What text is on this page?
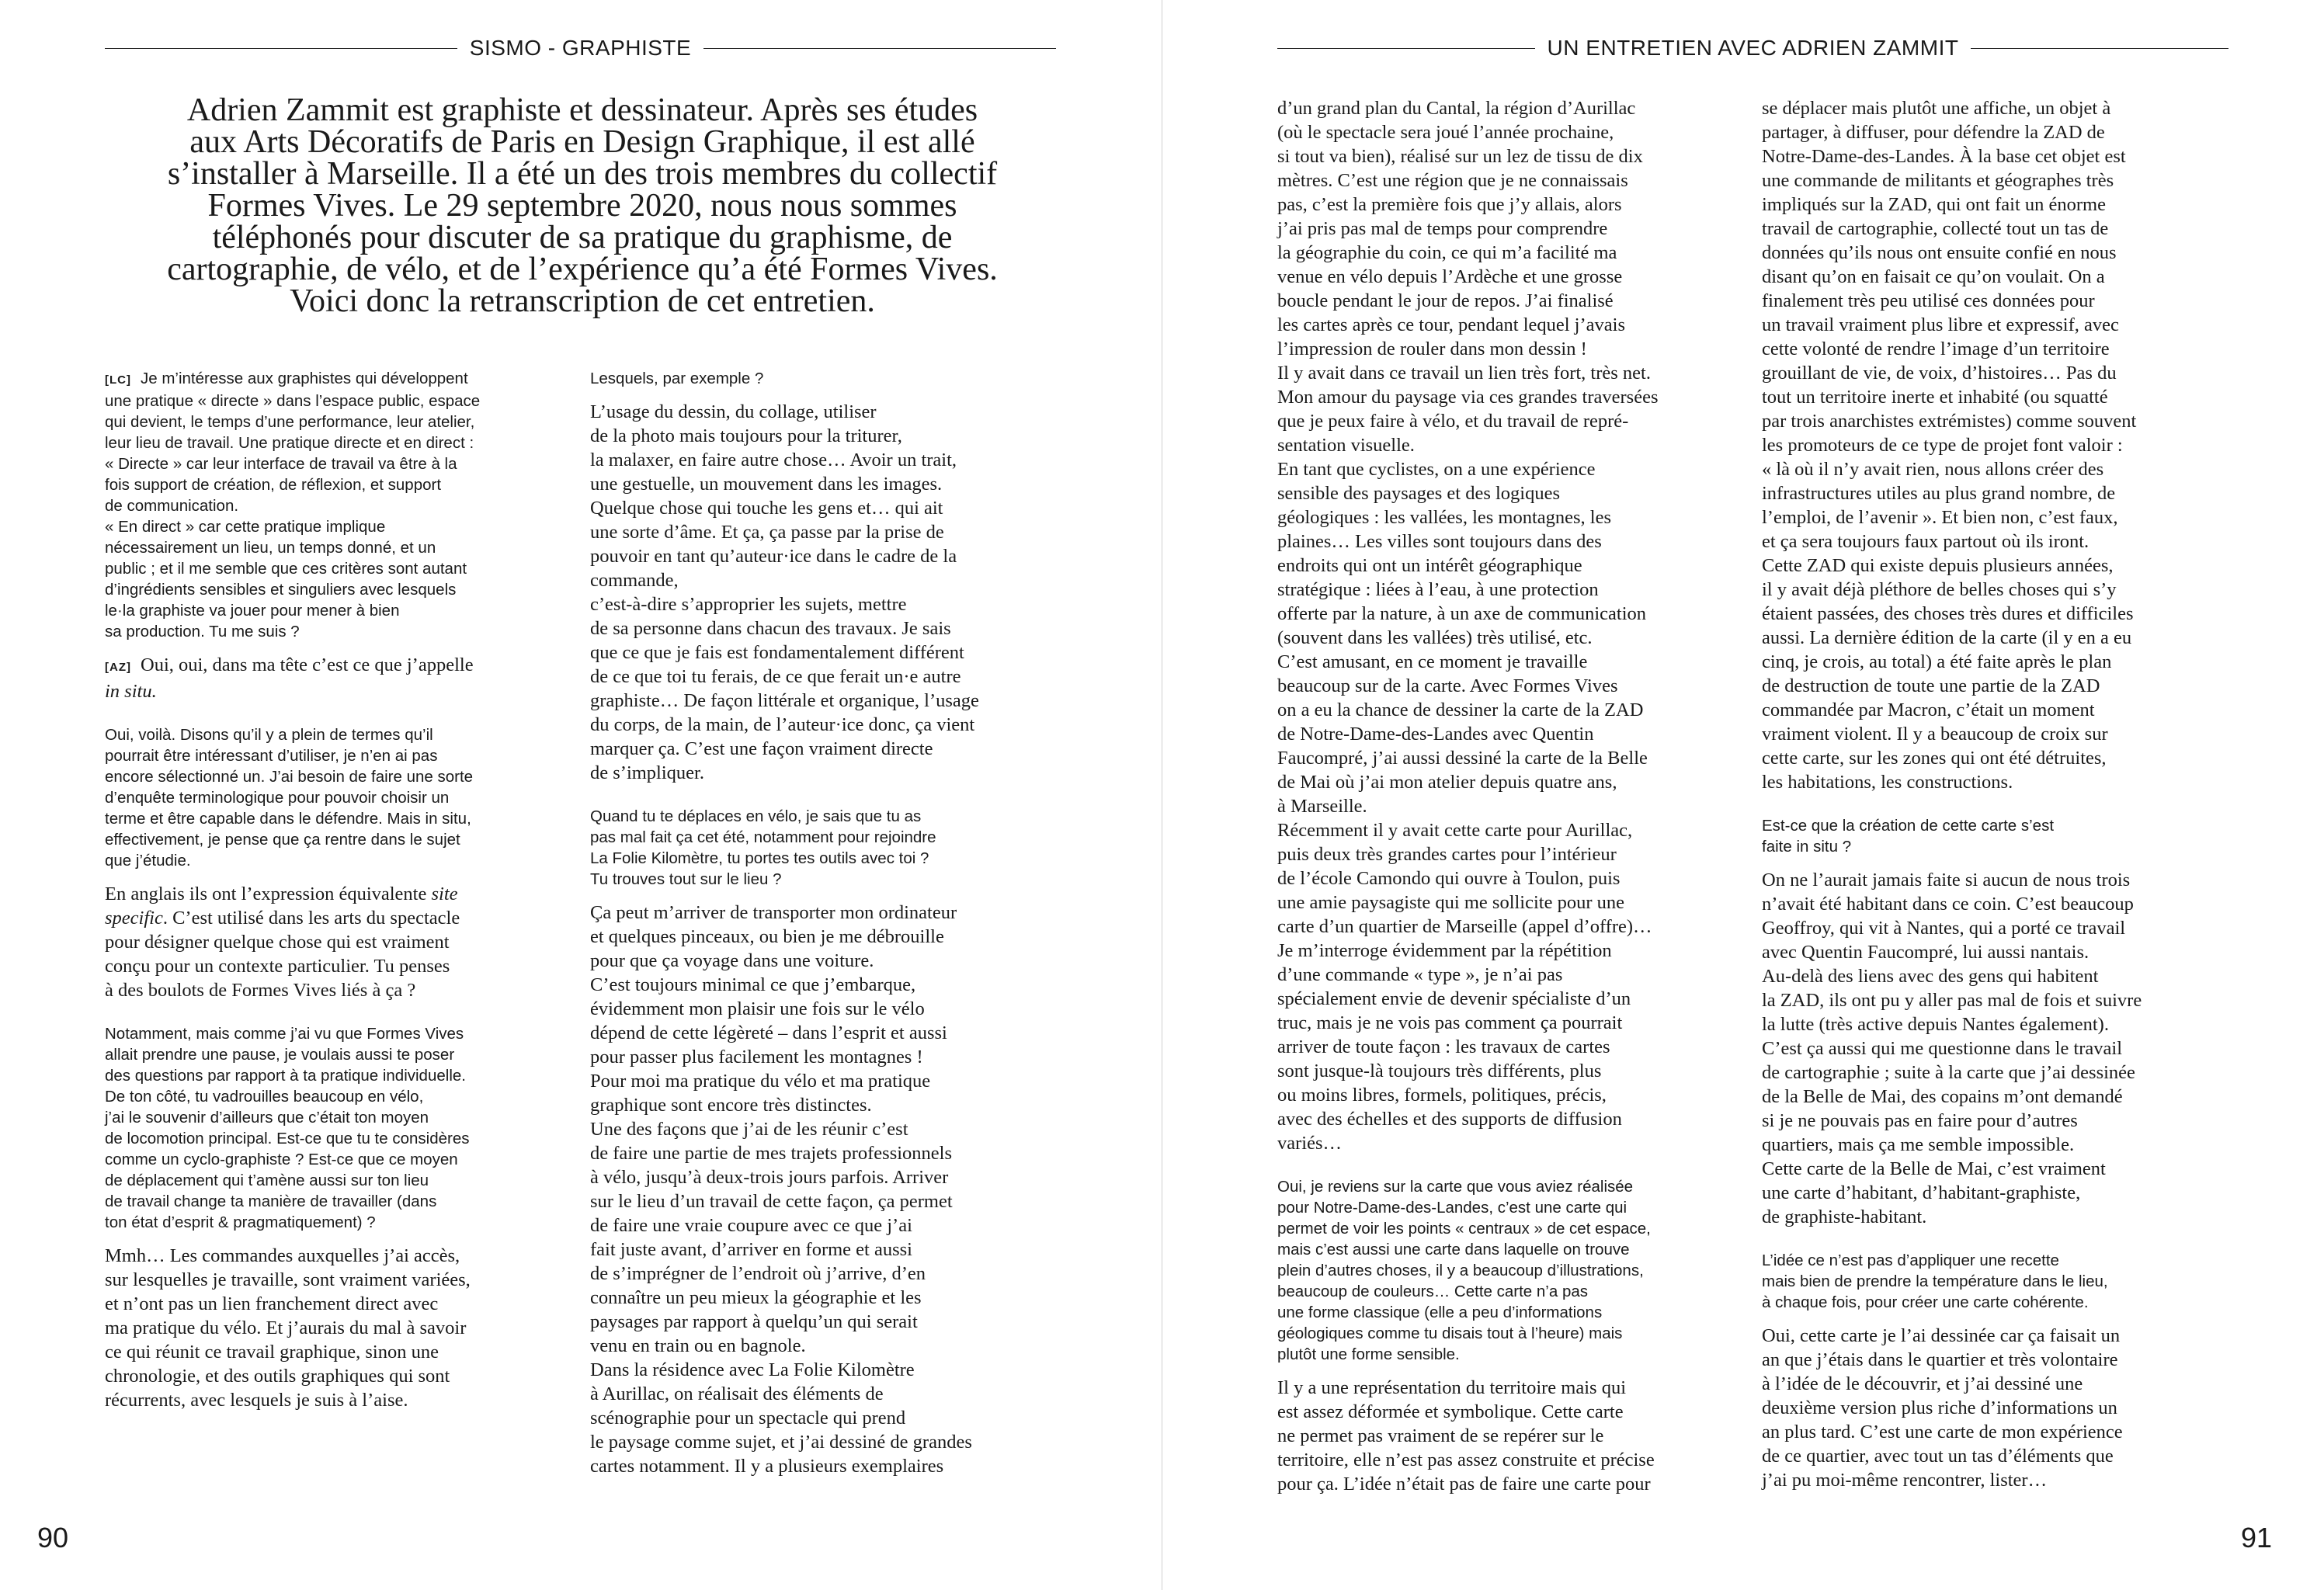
SISMO - GRAPHISTE
Adrien Zammit est graphiste et dessinateur. Après ses études
aux Arts Décoratifs de Paris en Design Graphique, il est allé
s’installer à Marseille. Il a été un des trois membres du collectif
Formes Vives. Le 29 septembre 2020, nous nous sommes
téléphonés pour discuter de sa pratique du graphisme, de
cartographie, de vélo, et de l’expérience qu’a été Formes Vives.
Voici donc la retranscription de cet entretien.

[LC] Je m’intéresse aux graphistes qui développent

une pratique « directe » dans l’espace public, espace

qui devient, le temps d’une performance, leur atelier,

leur lieu de travail. Une pratique directe et en direct :

« Directe » car leur interface de travail va être à la

fois support de création, de réflexion, et support

de communication.

« En direct » car cette pratique implique

nécessairement un lieu, un temps donné, et un

public ; et il me semble que ces critères sont autant

d’ingrédients sensibles et singuliers avec lesquels

le·la graphiste va jouer pour mener à bien

sa production. Tu me suis ?

[AZ] Oui, oui, dans ma tête c’est ce que j’appelle

in situ.

Oui, voilà. Disons qu’il y a plein de termes qu’il

pourrait être intéressant d’utiliser, je n’en ai pas

encore sélectionné un. J’ai besoin de faire une sorte

d’enquête terminologique pour pouvoir choisir un

terme et être capable dans le défendre. Mais in situ,

effectivement, je pense que ça rentre dans le sujet

que j’étudie.

En anglais ils ont l’expression équivalente site

specific. C’est utilisé dans les arts du spectacle

pour désigner quelque chose qui est vraiment

conçu pour un contexte particulier. Tu penses

à des boulots de Formes Vives liés à ça ?

Notamment, mais comme j’ai vu que Formes Vives

allait prendre une pause, je voulais aussi te poser

des questions par rapport à ta pratique individuelle.

De ton côté, tu vadrouilles beaucoup en vélo,

j’ai le souvenir d’ailleurs que c’était ton moyen

de locomotion principal. Est-ce que tu te considères

comme un cyclo-graphiste ? Est-ce que ce moyen

de déplacement qui t’amène aussi sur ton lieu

de travail change ta manière de travailler (dans

ton état d’esprit & pragmatiquement) ?

Mmh… Les commandes auxquelles j’ai accès,

sur lesquelles je travaille, sont vraiment variées,

et n’ont pas un lien franchement direct avec

ma pratique du vélo. Et j’aurais du mal à savoir

ce qui réunit ce travail graphique, sinon une

chronologie, et des outils graphiques qui sont

récurrents, avec lesquels je suis à l’aise.

Lesquels, par exemple ?

L’usage du dessin, du collage, utiliser

de la photo mais toujours pour la triturer,

la malaxer, en faire autre chose… Avoir un trait,

une gestuelle, un mouvement dans les images.

Quelque chose qui touche les gens et… qui ait

une sorte d’âme. Et ça, ça passe par la prise de

pouvoir en tant qu’auteur·ice dans le cadre de la

commande,

c’est-à-dire s’approprier les sujets, mettre

de sa personne dans chacun des travaux. Je sais

que ce que je fais est fondamentalement différent

de ce que toi tu ferais, de ce que ferait un·e autre

graphiste… De façon littérale et organique, l’usage

du corps, de la main, de l’auteur·ice donc, ça vient

marquer ça. C’est une façon vraiment directe

de s’impliquer.

Quand tu te déplaces en vélo, je sais que tu as

pas mal fait ça cet été, notamment pour rejoindre

La Folie Kilomètre, tu portes tes outils avec toi ?

Tu trouves tout sur le lieu ?

Ça peut m’arriver de transporter mon ordinateur

et quelques pinceaux, ou bien je me débrouille

pour que ça voyage dans une voiture.

C’est toujours minimal ce que j’embarque,

évidemment mon plaisir une fois sur le vélo

dépend de cette légèreté – dans l’esprit et aussi

pour passer plus facilement les montagnes !

Pour moi ma pratique du vélo et ma pratique

graphique sont encore très distinctes.

Une des façons que j’ai de les réunir c’est

de faire une partie de mes trajets professionnels

à vélo, jusqu’à deux-trois jours parfois. Arriver

sur le lieu d’un travail de cette façon, ça permet

de faire une vraie coupure avec ce que j’ai

fait juste avant, d’arriver en forme et aussi

de s’imprégner de l’endroit où j’arrive, d’en

connaître un peu mieux la géographie et les

paysages par rapport à quelqu’un qui serait

venu en train ou en bagnole.

Dans la résidence avec La Folie Kilomètre

à Aurillac, on réalisait des éléments de

scénographie pour un spectacle qui prend

le paysage comme sujet, et j’ai dessiné de grandes

cartes notamment. Il y a plusieurs exemplaires

90
UN ENTRETIEN AVEC ADRIEN ZAMMIT

d’un grand plan du Cantal, la région d’Aurillac

(où le spectacle sera joué l’année prochaine,

si tout va bien), réalisé sur un lez de tissu de dix

mètres. C’est une région que je ne connaissais

pas, c’est la première fois que j’y allais, alors

j’ai pris pas mal de temps pour comprendre

la géographie du coin, ce qui m’a facilité ma

venue en vélo depuis l’Ardèche et une grosse

boucle pendant le jour de repos. J’ai finalisé

les cartes après ce tour, pendant lequel j’avais

l’impression de rouler dans mon dessin !

Il y avait dans ce travail un lien très fort, très net.

Mon amour du paysage via ces grandes traversées

que je peux faire à vélo, et du travail de repré-

sentation visuelle.

En tant que cyclistes, on a une expérience

sensible des paysages et des logiques

géologiques : les vallées, les montagnes, les

plaines… Les villes sont toujours dans des

endroits qui ont un intérêt géographique

stratégique : liées à l’eau, à une protection

offerte par la nature, à un axe de communication

(souvent dans les vallées) très utilisé, etc.

C’est amusant, en ce moment je travaille

beaucoup sur de la carte. Avec Formes Vives

on a eu la chance de dessiner la carte de la ZAD

de Notre-Dame-des-Landes avec Quentin

Faucompré, j’ai aussi dessiné la carte de la Belle

de Mai où j’ai mon atelier depuis quatre ans,

à Marseille.

Récemment il y avait cette carte pour Aurillac,

puis deux très grandes cartes pour l’intérieur

de l’école Camondo qui ouvre à Toulon, puis

une amie paysagiste qui me sollicite pour une

carte d’un quartier de Marseille (appel d’offre)…

Je m’interroge évidemment par la répétition

d’une commande « type », je n’ai pas

spécialement envie de devenir spécialiste d’un

truc, mais je ne vois pas comment ça pourrait

arriver de toute façon : les travaux de cartes

sont jusque-là toujours très différents, plus

ou moins libres, formels, politiques, précis,

avec des échelles et des supports de diffusion

variés…

Oui, je reviens sur la carte que vous aviez réalisée

pour Notre-Dame-des-Landes, c’est une carte qui

permet de voir les points « centraux » de cet espace,

mais c’est aussi une carte dans laquelle on trouve

plein d’autres choses, il y a beaucoup d’illustrations,

beaucoup de couleurs… Cette carte n’a pas

une forme classique (elle a peu d’informations

géologiques comme tu disais tout à l’heure) mais

plutôt une forme sensible.

Il y a une représentation du territoire mais qui

est assez déformée et symbolique. Cette carte

ne permet pas vraiment de se repérer sur le

territoire, elle n’est pas assez construite et précise

pour ça. L’idée n’était pas de faire une carte pour

se déplacer mais plutôt une affiche, un objet à

partager, à diffuser, pour défendre la ZAD de

Notre-Dame-des-Landes. À la base cet objet est

une commande de militants et géographes très

impliqués sur la ZAD, qui ont fait un énorme

travail de cartographie, collecté tout un tas de

données qu’ils nous ont ensuite confié en nous

disant qu’on en faisait ce qu’on voulait. On a

finalement très peu utilisé ces données pour

un travail vraiment plus libre et expressif, avec

cette volonté de rendre l’image d’un territoire

grouillant de vie, de voix, d’histoires… Pas du

tout un territoire inerte et inhabité (ou squatté

par trois anarchistes extrémistes) comme souvent

les promoteurs de ce type de projet font valoir :

« là où il n’y avait rien, nous allons créer des

infrastructures utiles au plus grand nombre, de

l’emploi, de l’avenir ». Et bien non, c’est faux,

et ça sera toujours faux partout où ils iront.

Cette ZAD qui existe depuis plusieurs années,

il y avait déjà pléthore de belles choses qui s’y

étaient passées, des choses très dures et difficiles

aussi. La dernière édition de la carte (il y en a eu

cinq, je crois, au total) a été faite après le plan

de destruction de toute une partie de la ZAD

commandée par Macron, c’était un moment

vraiment violent. Il y a beaucoup de croix sur

cette carte, sur les zones qui ont été détruites,

les habitations, les constructions.

Est-ce que la création de cette carte s’est

faite in situ ?

On ne l’aurait jamais faite si aucun de nous trois

n’avait été habitant dans ce coin. C’est beaucoup

Geoffroy, qui vit à Nantes, qui a porté ce travail

avec Quentin Faucompré, lui aussi nantais.

Au-delà des liens avec des gens qui habitent

la ZAD, ils ont pu y aller pas mal de fois et suivre

la lutte (très active depuis Nantes également).

C’est ça aussi qui me questionne dans le travail

de cartographie ; suite à la carte que j’ai dessinée

de la Belle de Mai, des copains m’ont demandé

si je ne pouvais pas en faire pour d’autres

quartiers, mais ça me semble impossible.

Cette carte de la Belle de Mai, c’est vraiment

une carte d’habitant, d’habitant-graphiste,

de graphiste-habitant.

L’idée ce n’est pas d’appliquer une recette

mais bien de prendre la température dans le lieu,

à chaque fois, pour créer une carte cohérente.

Oui, cette carte je l’ai dessinée car ça faisait un

an que j’étais dans le quartier et très volontaire

à l’idée de le découvrir, et j’ai dessiné une

deuxième version plus riche d’informations un

an plus tard. C’est une carte de mon expérience

de ce quartier, avec tout un tas d’éléments que

j’ai pu moi-même rencontrer, lister…

91
